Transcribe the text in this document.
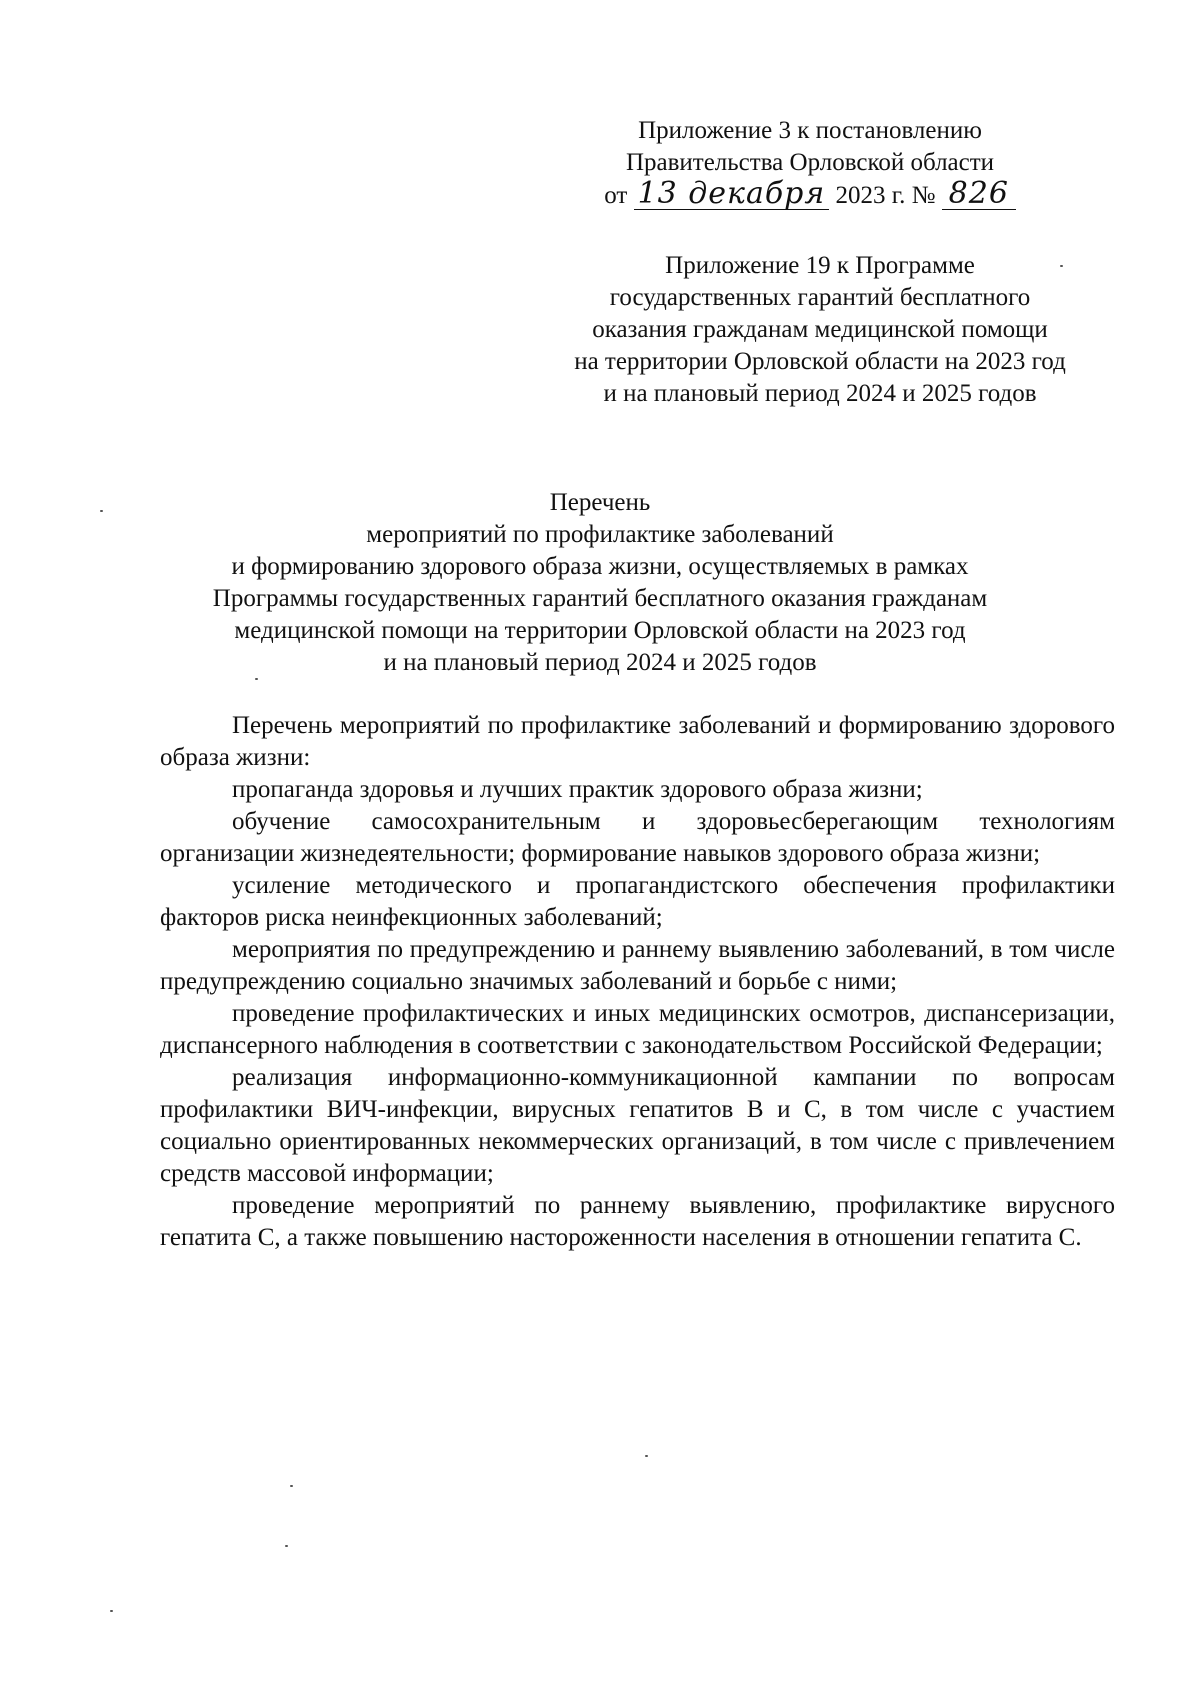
Приложение 3 к постановлению
Правительства Орловской области
от 13 декабря 2023 г. № 826
Приложение 19 к Программе
государственных гарантий бесплатного
оказания гражданам медицинской помощи
на территории Орловской области на 2023 год
и на плановый период 2024 и 2025 годов
Перечень
мероприятий по профилактике заболеваний
и формированию здорового образа жизни, осуществляемых в рамках
Программы государственных гарантий бесплатного оказания гражданам
медицинской помощи на территории Орловской области на 2023 год
и на плановый период 2024 и 2025 годов

Перечень мероприятий по профилактике заболеваний и формированию здорового образа жизни:

пропаганда здоровья и лучших практик здорового образа жизни;

обучение самосохранительным и здоровьесберегающим технологиям организации жизнедеятельности; формирование навыков здорового образа жизни;

усиление методического и пропагандистского обеспечения профилактики факторов риска неинфекционных заболеваний;

мероприятия по предупреждению и раннему выявлению заболеваний, в том числе предупреждению социально значимых заболеваний и борьбе с ними;

проведение профилактических и иных медицинских осмотров, диспансеризации, диспансерного наблюдения в соответствии с законодательством Российской Федерации;

реализация информационно-коммуникационной кампании по вопросам профилактики ВИЧ-инфекции, вирусных гепатитов В и С, в том числе с участием социально ориентированных некоммерческих организаций, в том числе с привлечением средств массовой информации;

проведение мероприятий по раннему выявлению, профилактике вирусного гепатита С, а также повышению настороженности населения в отношении гепатита С.
